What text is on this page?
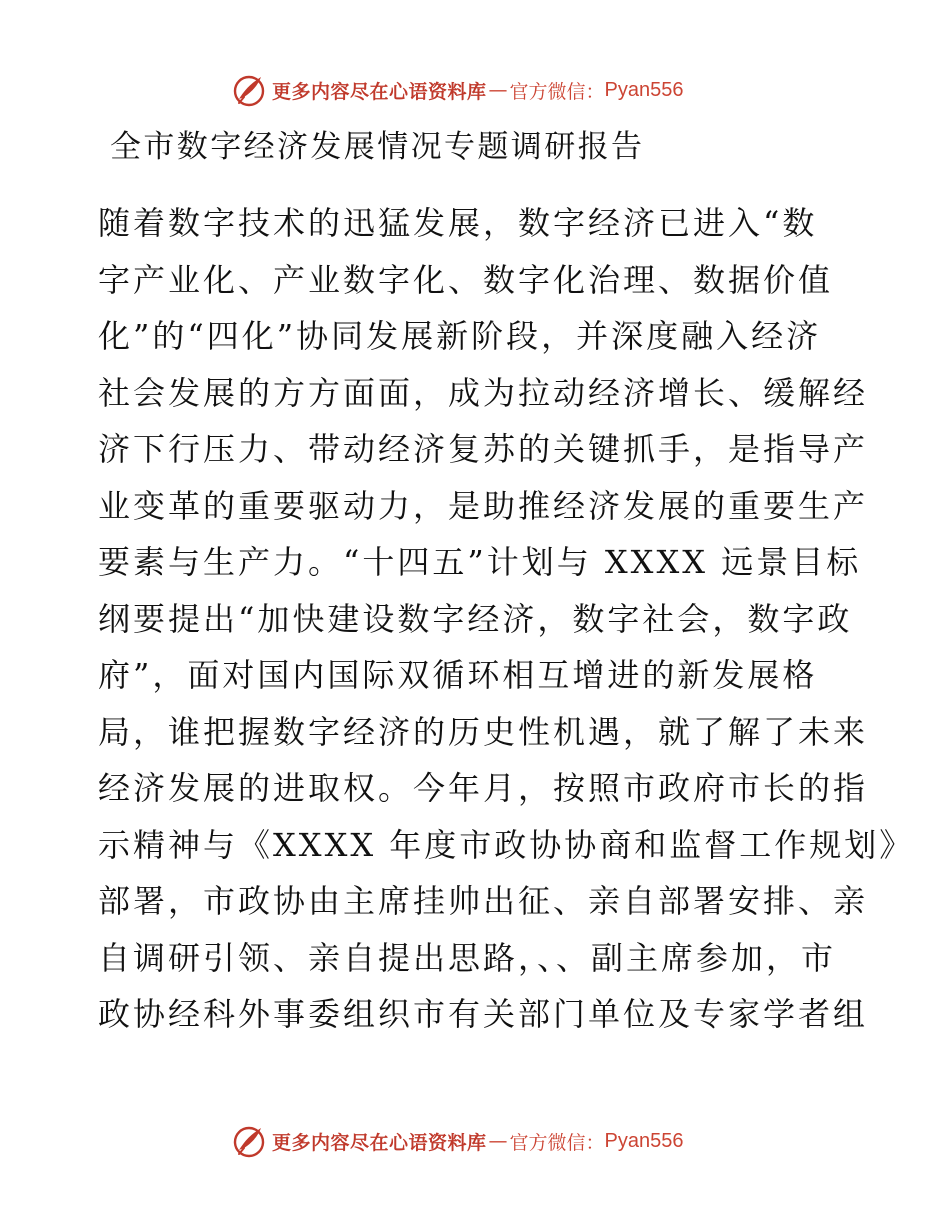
更多内容尽在心语资料库 — 官方微信： Pyan556
全市数字经济发展情况专题调研报告
随着数字技术的迅猛发展，数字经济已进入“数
字产业化、产业数字化、数字化治理、数据价值
化”的“四化”协同发展新阶段，并深度融入经济
社会发展的方方面面，成为拉动经济增长、缓解经
济下行压力、带动经济复苏的关键抓手，是指导产
业变革的重要驱动力，是助推经济发展的重要生产
要素与生产力。“十四五”计划与 XXXX 远景目标
纲要提出“加快建设数字经济，数字社会，数字政
府”，面对国内国际双循环相互增进的新发展格
局，谁把握数字经济的历史性机遇，就了解了未来
经济发展的进取权。今年月，按照市政府市长的指
示精神与《XXXX 年度市政协协商和监督工作规划》
部署，市政协由主席挂帅出征、亲自部署安排、亲
自调研引领、亲自提出思路，、、副主席参加，市
政协经科外事委组织市有关部门单位及专家学者组
更多内容尽在心语资料库 — 官方微信： Pyan556
